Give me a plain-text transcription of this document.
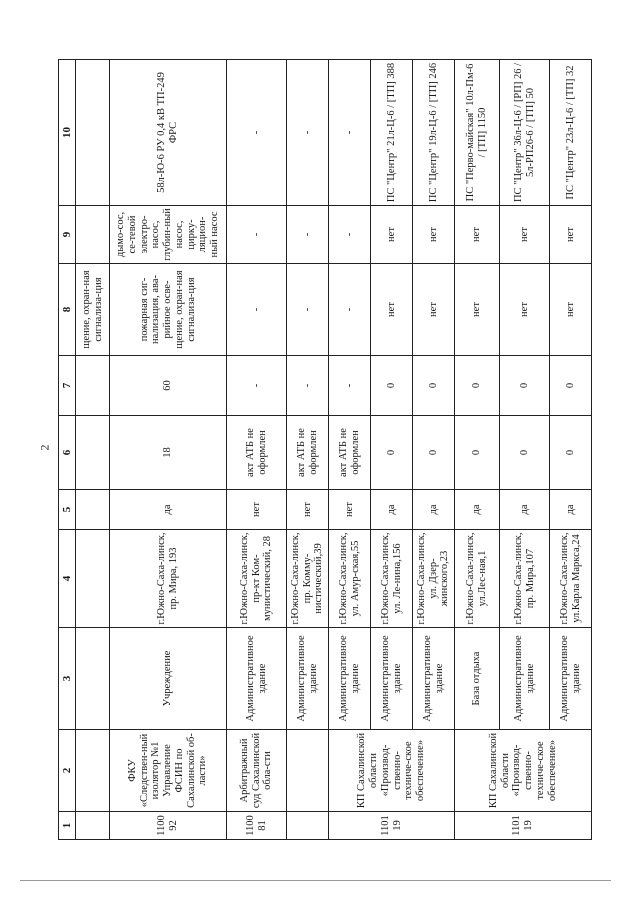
2
1	2	3	4	5	6	7	8	9	10
							щение, охран-ная сигнализа-ция		
110092	ФКУ «Следствен-ный изолятор №1 Управление ФСИН по Сахалинской об-ласти»	Учреждение	г.Южно-Саха-линск, пр. Мира, 193	да	18	60	пожарная сиг-нализация, ава-рийное осве-щение, охран-ная сигнализа-ция	дымо-сос, се-тевой электро-насос, глубин-ный насос, цирку-ляцион-ный насос	58л-Ю-6 РУ 0,4 кВ ТП-249 ФРС
110081	Арбитражный суд Сахалинской обла-сти	Административное здание	г.Южно-Саха-линск, пр-кт Ком-мунистический, 28	нет	акт АТБ не оформлен	-	-	-	-
		Административное здание	г.Южно-Саха-линск, пр. Комму-нистический,39	нет	акт АТБ не оформлен	-	-	-	-
110119	КП Сахалинской области «Производ-ственно-техниче-ское обеспечение»	Административное здание	г.Южно-Саха-линск, ул. Амур-ская,55	нет	акт АТБ не оформлен	-	-	-	-
		Административное здание	г.Южно-Саха-линск, ул. Ле-нина,156	да	0	0	нет	нет	ПС "Центр" 21л-Ц-6 / [ТП] 388
		Административное здание	г.Южно-Саха-линск, ул. Дзер-жинского,23	да	0	0	нет	нет	ПС "Центр" 19л-Ц-6 / [ТП] 246
110119	КП Сахалинской области «Производ-ственно-техниче-ское обеспечение»	База отдыха	г.Южно-Саха-линск, ул.Лес-ная,1	да	0	0	нет	нет	ПС "Перво-майская" 10л-Пм-6 / [ТП] 1150
		Административное здание	г.Южно-Саха-линск, пр. Мира,107	да	0	0	нет	нет	ПС "Центр" 36л-Ц-6 / [РП] 26 / 5л-РП26-6 / [ТП] 50
		Административное здание	г.Южно-Саха-линск, ул.Карла Маркса,24	да	0	0	нет	нет	ПС "Центр" 23л-Ц-6 / [ТП] 32
